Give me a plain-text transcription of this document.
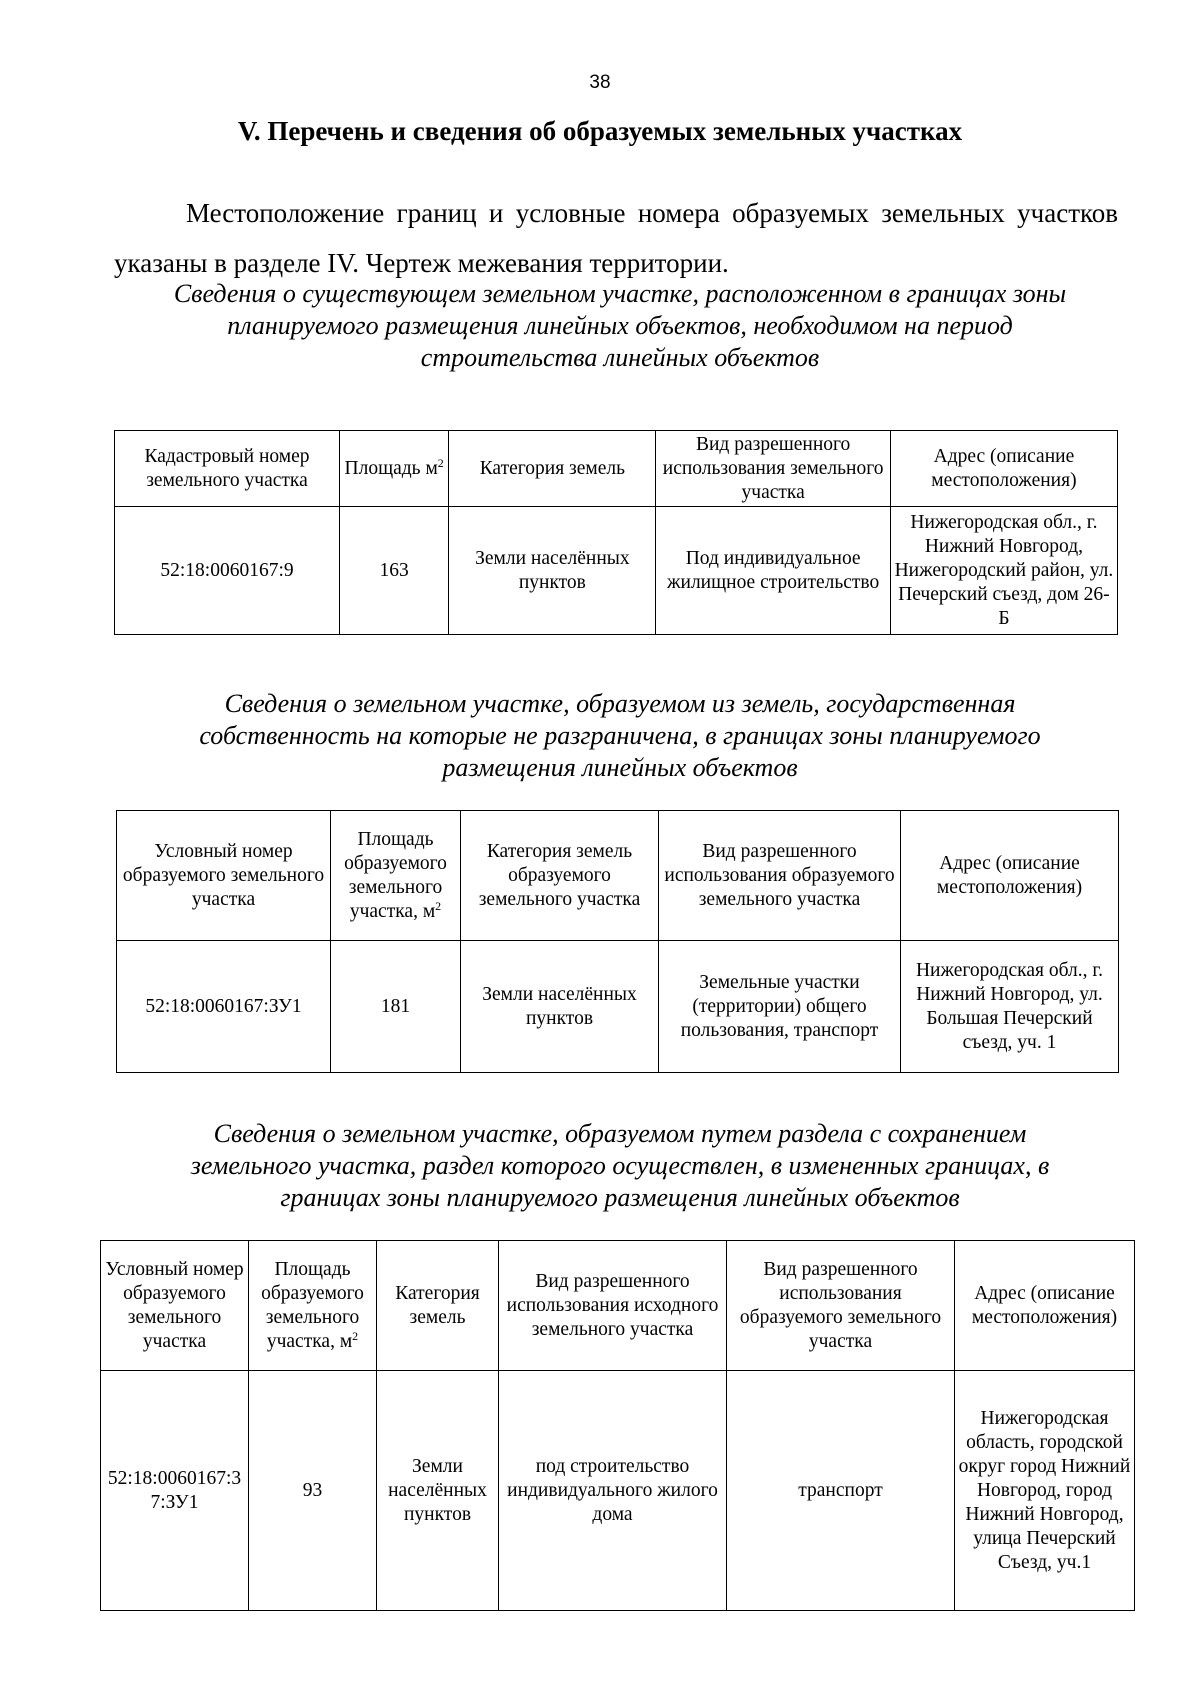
38
V. Перечень и сведения об образуемых земельных участках
Местоположение границ и условные номера образуемых земельных участков указаны в разделе IV. Чертеж межевания территории.
Сведения о существующем земельном участке, расположенном в границах зоны
планируемого размещения линейных объектов, необходимом на период
строительства линейных объектов
Кадастровый номер земельного участка	Площадь $м^2$	Категория земель	Вид разрешенного использования земельного участка	Адрес (описание местоположения)
52:18:0060167:9	163	Земли населённых пунктов	Под индивидуальное жилищное строительство	Нижегородская обл., г. Нижний Новгород, Нижегородский район, ул. Печерский съезд, дом 26-Б
Сведения о земельном участке, образуемом из земель, государственная
собственность на которые не разграничена, в границах зоны планируемого
размещения линейных объектов
Условный номер образуемого земельного участка	Площадь образуемого земельного участка, $м^2$	Категория земель образуемого земельного участка	Вид разрешенного использования образуемого земельного участка	Адрес (описание местоположения)
52:18:0060167:ЗУ1	181	Земли населённых пунктов	Земельные участки (территории) общего пользования, транспорт	Нижегородская обл., г. Нижний Новгород, ул. Большая Печерский съезд, уч. 1
Сведения о земельном участке, образуемом путем раздела с сохранением
земельного участка, раздел которого осуществлен, в измененных границах, в
границах зоны планируемого размещения линейных объектов
Условный номер образуемого земельного участка	Площадь образуемого земельного участка, $м^2$	Категория земель	Вид разрешенного использования исходного земельного участка	Вид разрешенного использования образуемого земельного участка	Адрес (описание местоположения)
52:18:0060167:37:ЗУ1	93	Земли населённых пунктов	под строительство индивидуального жилого дома	транспорт	Нижегородская область, городской округ город Нижний Новгород, город Нижний Новгород, улица Печерский Съезд, уч.1
